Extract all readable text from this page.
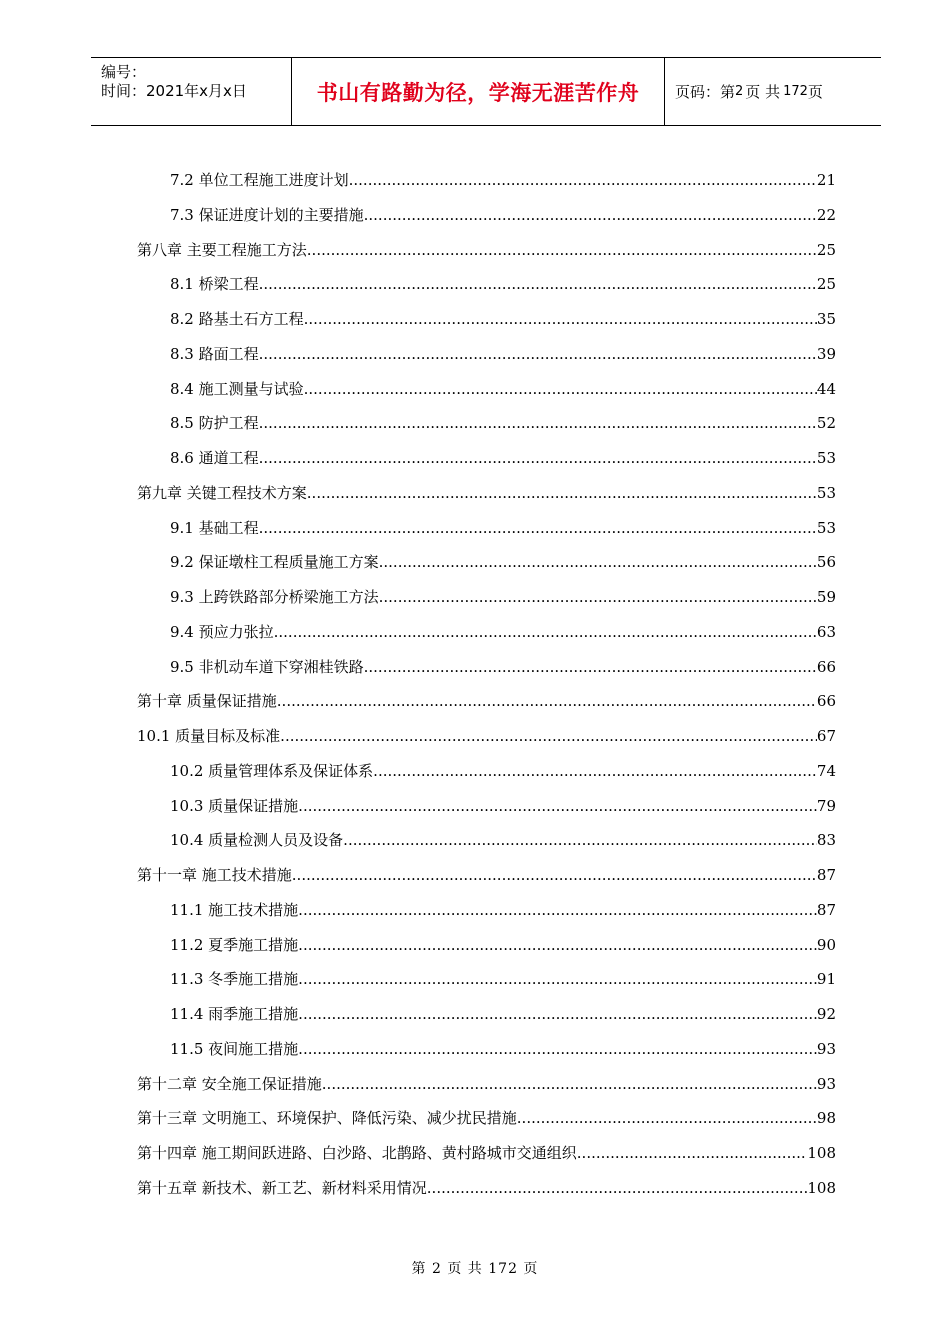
编号：
时间：2021年x月x日	书山有路勤为径，学海无涯苦作舟 页码：第 2 页 共 172 页
7.2 单位工程施工进度计划 .....	21
7.3 保证进度计划的主要措施 .....	22
第八章 主要工程施工方法 .....	25
8.1 桥梁工程 .....	25
8.2 路基土石方工程 .....	35
8.3 路面工程 .....	39
8.4 施工测量与试验 .....	44
8.5 防护工程 .....	52
8.6 通道工程 .....	53
第九章 关键工程技术方案 .....	53
9.1 基础工程 .....	53
9.2 保证墩柱工程质量施工方案 .....	56
9.3 上跨铁路部分桥梁施工方法 .....	59
9.4 预应力张拉 .....	63
9.5 非机动车道下穿湘桂铁路 .....	66
第十章 质量保证措施 .....	66
10.1 质量目标及标准 .....	67
10.2 质量管理体系及保证体系 .....	74
10.3 质量保证措施 .....	79
10.4 质量检测人员及设备 .....	83
第十一章 施工技术措施 .....	87
11.1 施工技术措施 .....	87
11.2 夏季施工措施 .....	90
11.3 冬季施工措施 .....	91
11.4 雨季施工措施 .....	92
11.5 夜间施工措施 .....	93
第十二章 安全施工保证措施 .....	93
第十三章 文明施工、环境保护、降低污染、减少扰民措施 .....	98
第十四章 施工期间跃进路、白沙路、北鹊路、黄村路城市交通组织 .....	108
第十五章 新技术、新工艺、新材料采用情况 .....	108
第 2 页 共 172 页
